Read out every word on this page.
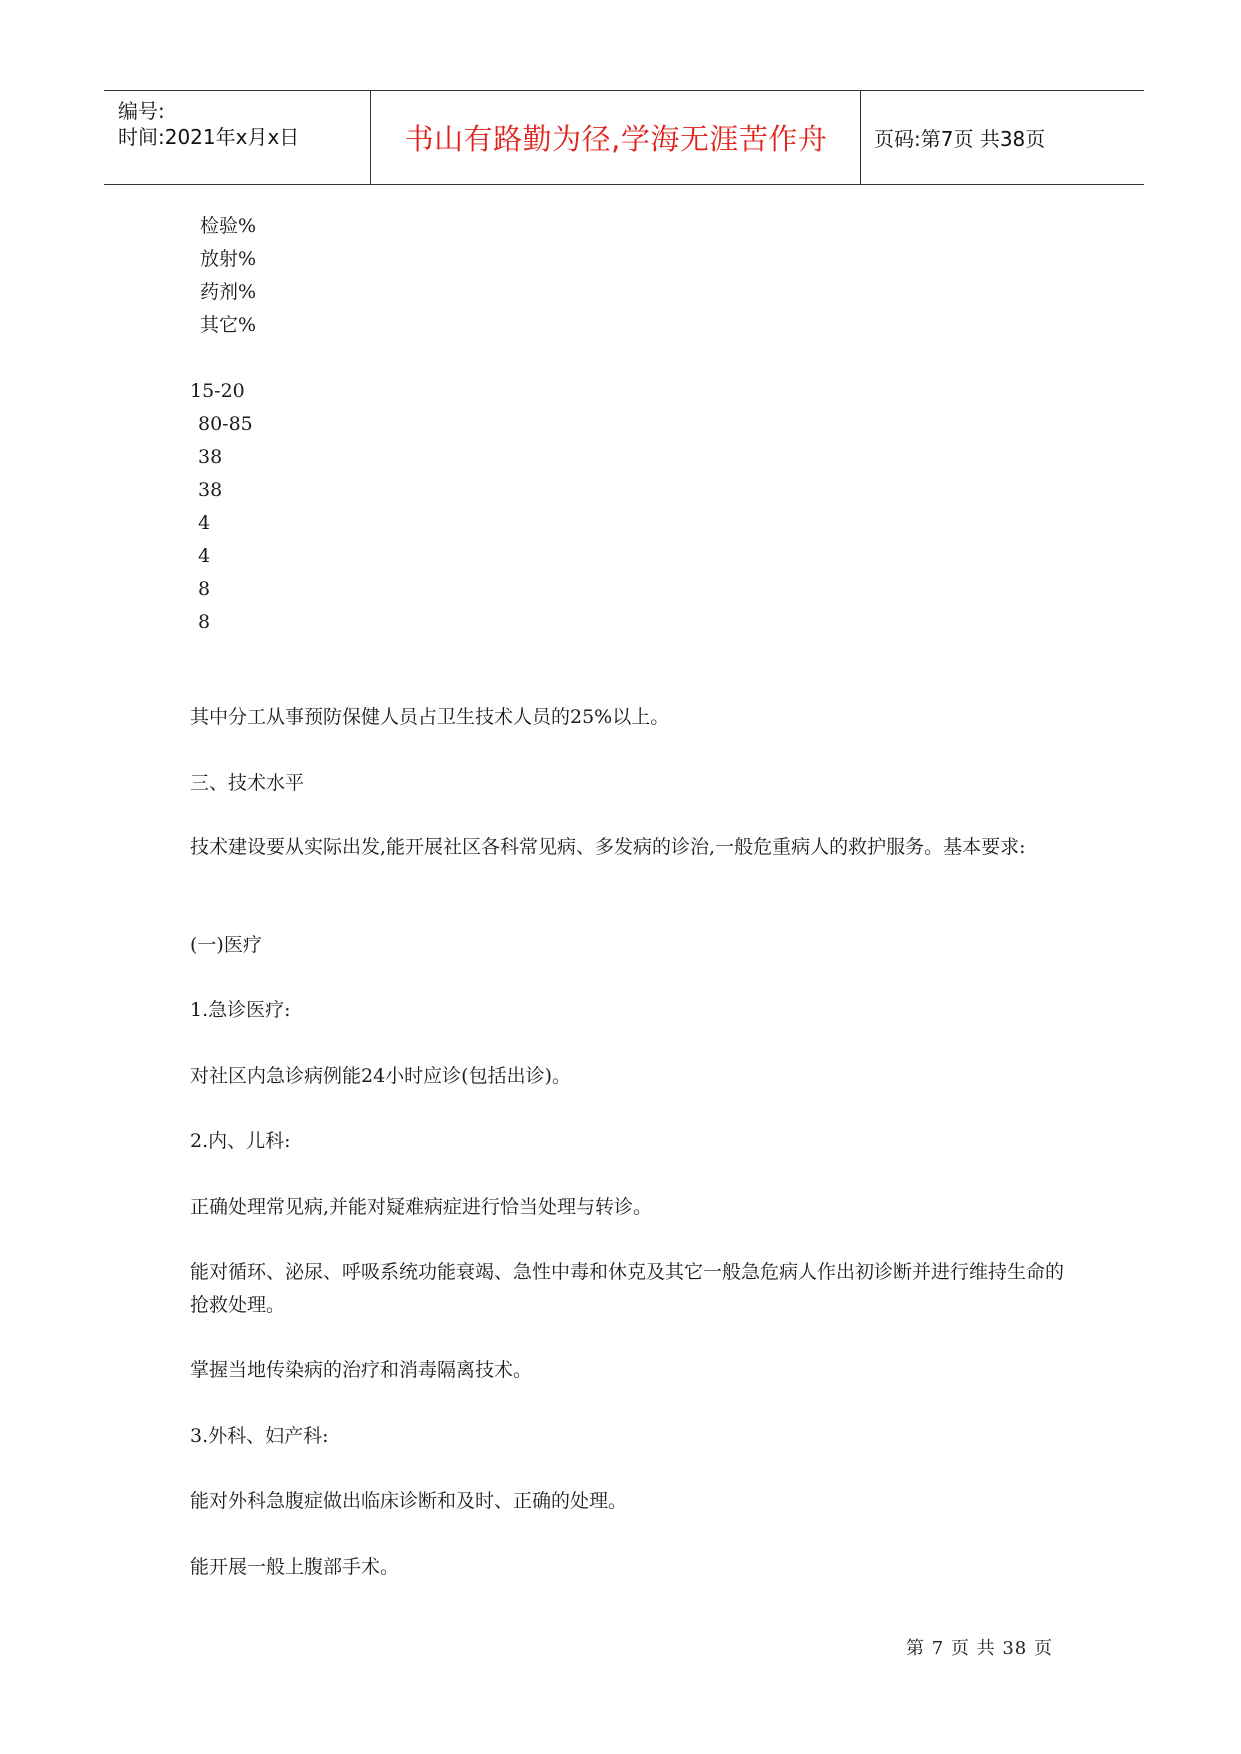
编号:
时间:2021年x月x日	书山有路勤为径,学海无涯苦作舟	页码:第7页 共38页
检验%
放射%
药剂%
其它%
15-20
80-85
38
38
4
4
8
8
其中分工从事预防保健人员占卫生技术人员的25%以上。
三、技术水平
技术建设要从实际出发,能开展社区各科常见病、多发病的诊治,一般危重病人的救护服务。基本要求:
(一)医疗
1.急诊医疗:
对社区内急诊病例能24小时应诊(包括出诊)。
2.内、儿科:
正确处理常见病,并能对疑难病症进行恰当处理与转诊。
能对循环、泌尿、呼吸系统功能衰竭、急性中毒和休克及其它一般急危病人作出初诊断并进行维持生命的抢救处理。
掌握当地传染病的治疗和消毒隔离技术。
3.外科、妇产科:
能对外科急腹症做出临床诊断和及时、正确的处理。
能开展一般上腹部手术。
第 7 页 共 38 页
